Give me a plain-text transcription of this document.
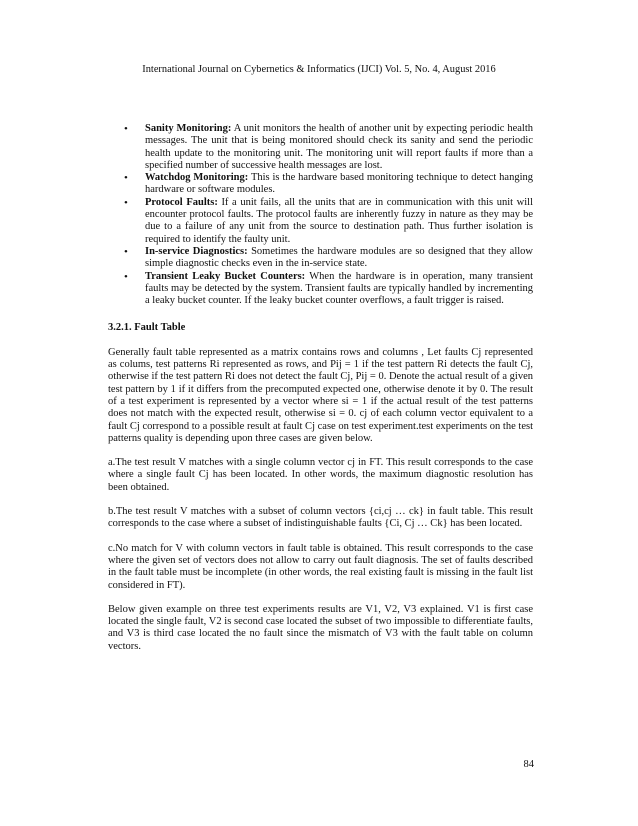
International Journal on Cybernetics & Informatics (IJCI) Vol. 5, No. 4, August 2016
• Sanity Monitoring: A unit monitors the health of another unit by expecting periodic health messages. The unit that is being monitored should check its sanity and send the periodic health update to the monitoring unit. The monitoring unit will report faults if more than a specified number of successive health messages are lost.
• Watchdog Monitoring: This is the hardware based monitoring technique to detect hanging hardware or software modules.
• Protocol Faults: If a unit fails, all the units that are in communication with this unit will encounter protocol faults. The protocol faults are inherently fuzzy in nature as they may be due to a failure of any unit from the source to destination path. Thus further isolation is required to identify the faulty unit.
• In-service Diagnostics: Sometimes the hardware modules are so designed that they allow simple diagnostic checks even in the in-service state.
• Transient Leaky Bucket Counters: When the hardware is in operation, many transient faults may be detected by the system. Transient faults are typically handled by incrementing a leaky bucket counter. If the leaky bucket counter overflows, a fault trigger is raised.
3.2.1. Fault Table

Generally fault table represented as a matrix contains rows and columns , Let faults Cj represented as colums, test patterns Ri represented as rows, and Pij = 1 if the test pattern Ri detects the fault Cj, otherwise if the test pattern Ri does not detect the fault Cj, Pij = 0. Denote the actual result of a given test pattern by 1 if it differs from the precomputed expected one, otherwise denote it by 0. The result of a test experiment is represented by a vector where si = 1 if the actual result of the test patterns does not match with the expected result, otherwise si = 0. cj of each column vector equivalent to a fault Cj correspond to a possible result at fault Cj case on test experiment.test experiments on the test patterns quality is depending upon three cases are given below.

a.The test result V matches with a single column vector cj in FT. This result corresponds to the case where a single fault Cj has been located. In other words, the maximum diagnostic resolution has been obtained.

b.The test result V matches with a subset of column vectors {ci,cj … ck} in fault table. This result corresponds to the case where a subset of indistinguishable faults {Ci, Cj … Ck} has been located.

c.No match for V with column vectors in fault table is obtained. This result corresponds to the case where the given set of vectors does not allow to carry out fault diagnosis. The set of faults described in the fault table must be incomplete (in other words, the real existing fault is missing in the fault list considered in FT).

Below given example on three test experiments results are V1, V2, V3 explained. V1 is first case located the single fault, V2 is second case located the subset of two impossible to differentiate faults, and V3 is third case located the no fault since the mismatch of V3 with the fault table on column vectors.

84
